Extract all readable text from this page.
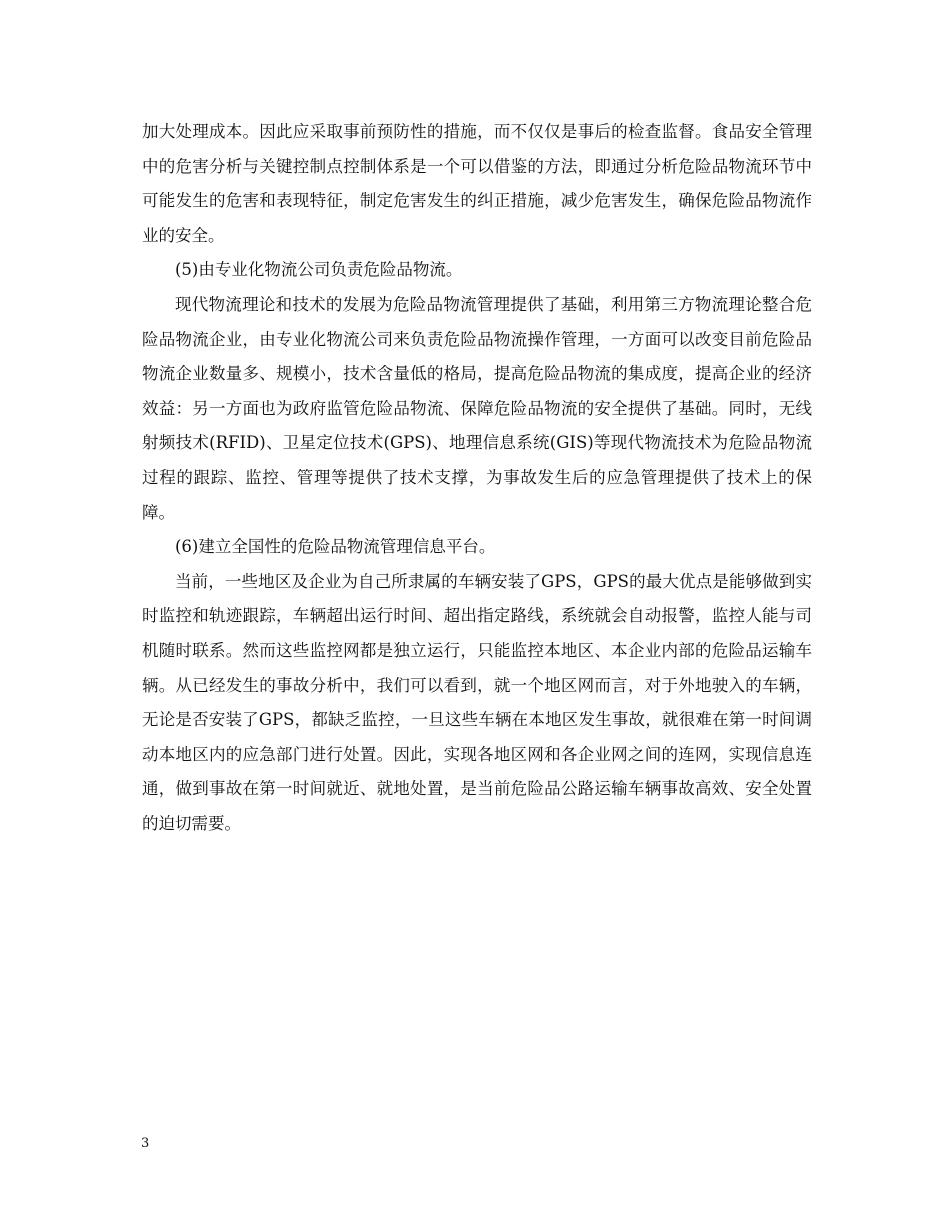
加大处理成本。因此应采取事前预防性的措施，而不仅仅是事后的检查监督。食品安全管理中的危害分析与关键控制点控制体系是一个可以借鉴的方法，即通过分析危险品物流环节中可能发生的危害和表现特征，制定危害发生的纠正措施，减少危害发生，确保危险品物流作业的安全。

(5)由专业化物流公司负责危险品物流。

现代物流理论和技术的发展为危险品物流管理提供了基础，利用第三方物流理论整合危险品物流企业，由专业化物流公司来负责危险品物流操作管理，一方面可以改变目前危险品物流企业数量多、规模小，技术含量低的格局，提高危险品物流的集成度，提高企业的经济效益：另一方面也为政府监管危险品物流、保障危险品物流的安全提供了基础。同时，无线射频技术(RFID)、卫星定位技术(GPS)、地理信息系统(GIS)等现代物流技术为危险品物流过程的跟踪、监控、管理等提供了技术支撑，为事故发生后的应急管理提供了技术上的保障。

(6)建立全国性的危险品物流管理信息平台。

当前，一些地区及企业为自己所隶属的车辆安装了GPS，GPS的最大优点是能够做到实时监控和轨迹跟踪，车辆超出运行时间、超出指定路线，系统就会自动报警，监控人能与司机随时联系。然而这些监控网都是独立运行，只能监控本地区、本企业内部的危险品运输车辆。从已经发生的事故分析中，我们可以看到，就一个地区网而言，对于外地驶入的车辆，无论是否安装了GPS，都缺乏监控，一旦这些车辆在本地区发生事故，就很难在第一时间调动本地区内的应急部门进行处置。因此，实现各地区网和各企业网之间的连网，实现信息连通，做到事故在第一时间就近、就地处置，是当前危险品公路运输车辆事故高效、安全处置的迫切需要。

3
